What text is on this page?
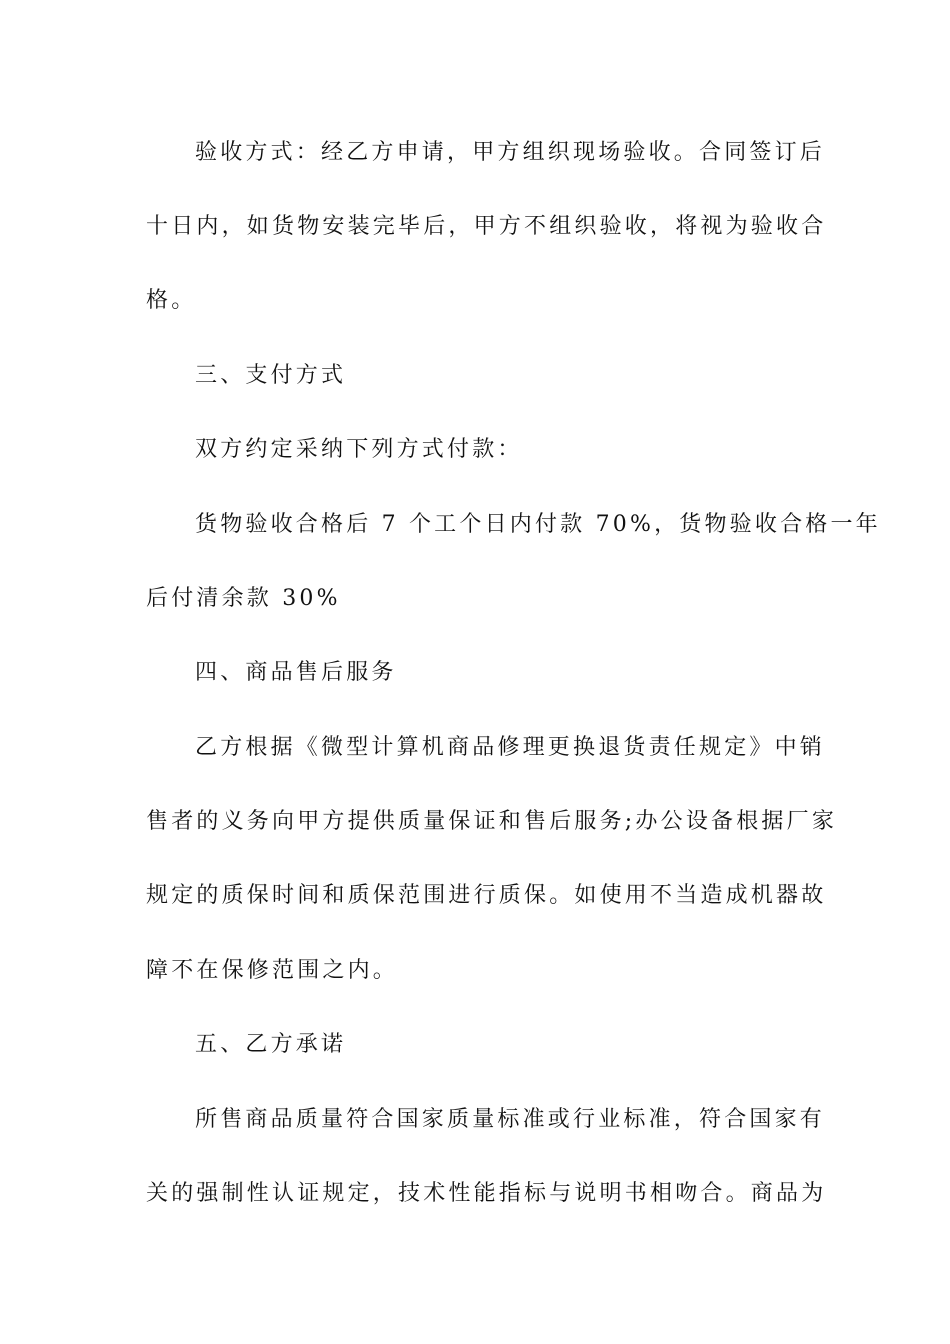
验收方式：经乙方申请，甲方组织现场验收。合同签订后
十日内，如货物安装完毕后，甲方不组织验收，将视为验收合
格。
三、支付方式
双方约定采纳下列方式付款：
货物验收合格后 7 个工个日内付款 70%，货物验收合格一年
后付清余款 30%
四、商品售后服务
乙方根据《微型计算机商品修理更换退货责任规定》中销
售者的义务向甲方提供质量保证和售后服务;办公设备根据厂家
规定的质保时间和质保范围进行质保。如使用不当造成机器故
障不在保修范围之内。
五、乙方承诺
所售商品质量符合国家质量标准或行业标准，符合国家有
关的强制性认证规定，技术性能指标与说明书相吻合。商品为
